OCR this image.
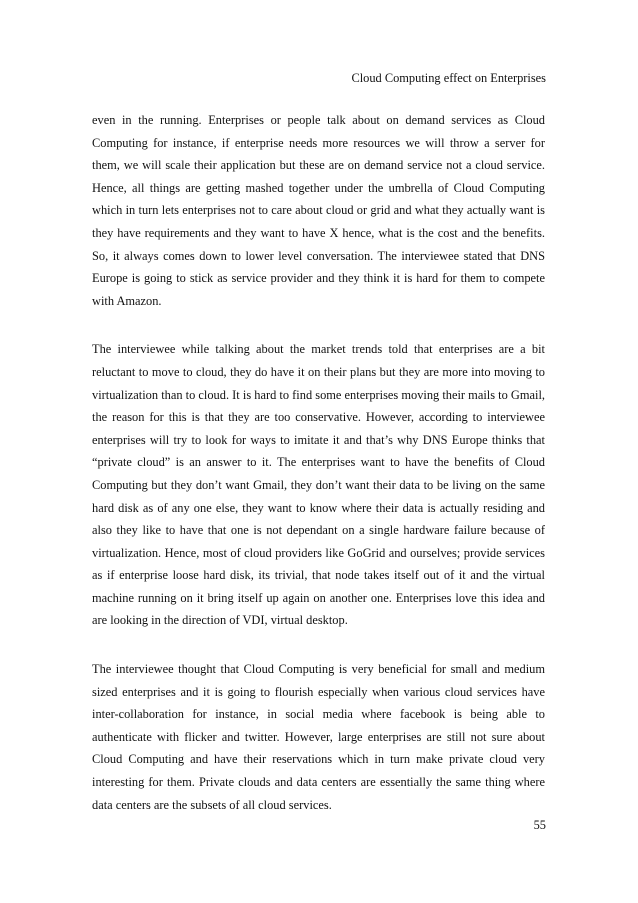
Cloud Computing effect on Enterprises

even in the running. Enterprises or people talk about on demand services as Cloud Computing for instance, if enterprise needs more resources we will throw a server for them, we will scale their application but these are on demand service not a cloud service. Hence, all things are getting mashed together under the umbrella of Cloud Computing which in turn lets enterprises not to care about cloud or grid and what they actually want is they have requirements and they want to have X hence, what is the cost and the benefits. So, it always comes down to lower level conversation. The interviewee stated that DNS Europe is going to stick as service provider and they think it is hard for them to compete with Amazon.

The interviewee while talking about the market trends told that enterprises are a bit reluctant to move to cloud, they do have it on their plans but they are more into moving to virtualization than to cloud. It is hard to find some enterprises moving their mails to Gmail, the reason for this is that they are too conservative. However, according to interviewee enterprises will try to look for ways to imitate it and that’s why DNS Europe thinks that “private cloud” is an answer to it. The enterprises want to have the benefits of Cloud Computing but they don’t want Gmail, they don’t want their data to be living on the same hard disk as of any one else, they want to know where their data is actually residing and also they like to have that one is not dependant on a single hardware failure because of virtualization. Hence, most of cloud providers like GoGrid and ourselves; provide services as if enterprise loose hard disk, its trivial, that node takes itself out of it and the virtual machine running on it bring itself up again on another one. Enterprises love this idea and are looking in the direction of VDI, virtual desktop.

The interviewee thought that Cloud Computing is very beneficial for small and medium sized enterprises and it is going to flourish especially when various cloud services have inter-collaboration for instance, in social media where facebook is being able to authenticate with flicker and twitter. However, large enterprises are still not sure about Cloud Computing and have their reservations which in turn make private cloud very interesting for them. Private clouds and data centers are essentially the same thing where data centers are the subsets of all cloud services.

55
